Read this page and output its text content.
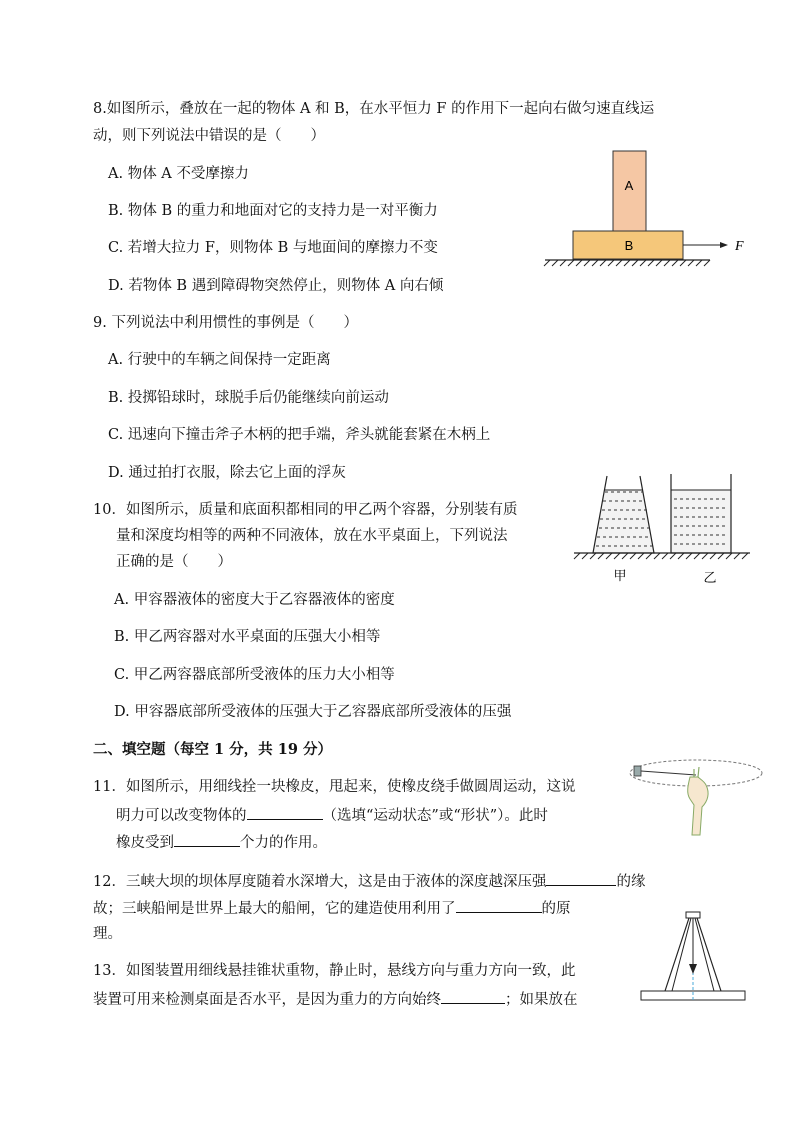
8.如图所示，叠放在一起的物体 A 和 B，在水平恒力 F 的作用下一起向右做匀速直线运
动，则下列说法中错误的是（　　）
A. 物体 A 不受摩擦力
B. 物体 B 的重力和地面对它的支持力是一对平衡力
C. 若增大拉力 F，则物体 B 与地面间的摩擦力不变
D. 若物体 B 遇到障碍物突然停止，则物体 A 向右倾
A
B	F
9. 下列说法中利用惯性的事例是（　　）
A. 行驶中的车辆之间保持一定距离
B. 投掷铅球时，球脱手后仍能继续向前运动
C. 迅速向下撞击斧子木柄的把手端，斧头就能套紧在木柄上
D. 通过拍打衣服，除去它上面的浮灰
10．如图所示，质量和底面积都相同的甲乙两个容器，分别装有质
量和深度均相等的两种不同液体，放在水平桌面上，下列说法
正确的是（　　）
A. 甲容器液体的密度大于乙容器液体的密度
B. 甲乙两容器对水平桌面的压强大小相等
C. 甲乙两容器底部所受液体的压力大小相等
D. 甲容器底部所受液体的压强大于乙容器底部所受液体的压强
甲	乙
二、填空题（每空 1 分，共 19 分）
11．如图所示，用细线拴一块橡皮，甩起来，使橡皮绕手做圆周运动，这说
明力可以改变物体的	（选填“运动状态”或“形状”）。此时
橡皮受到	个力的作用。
12．三峡大坝的坝体厚度随着水深增大，这是由于液体的深度越深压强	的缘
故；三峡船闸是世界上最大的船闸，它的建造使用利用了	的原
理。
13．如图装置用细线悬挂锥状重物，静止时，悬线方向与重力方向一致，此
装置可用来检测桌面是否水平，是因为重力的方向始终	；如果放在
